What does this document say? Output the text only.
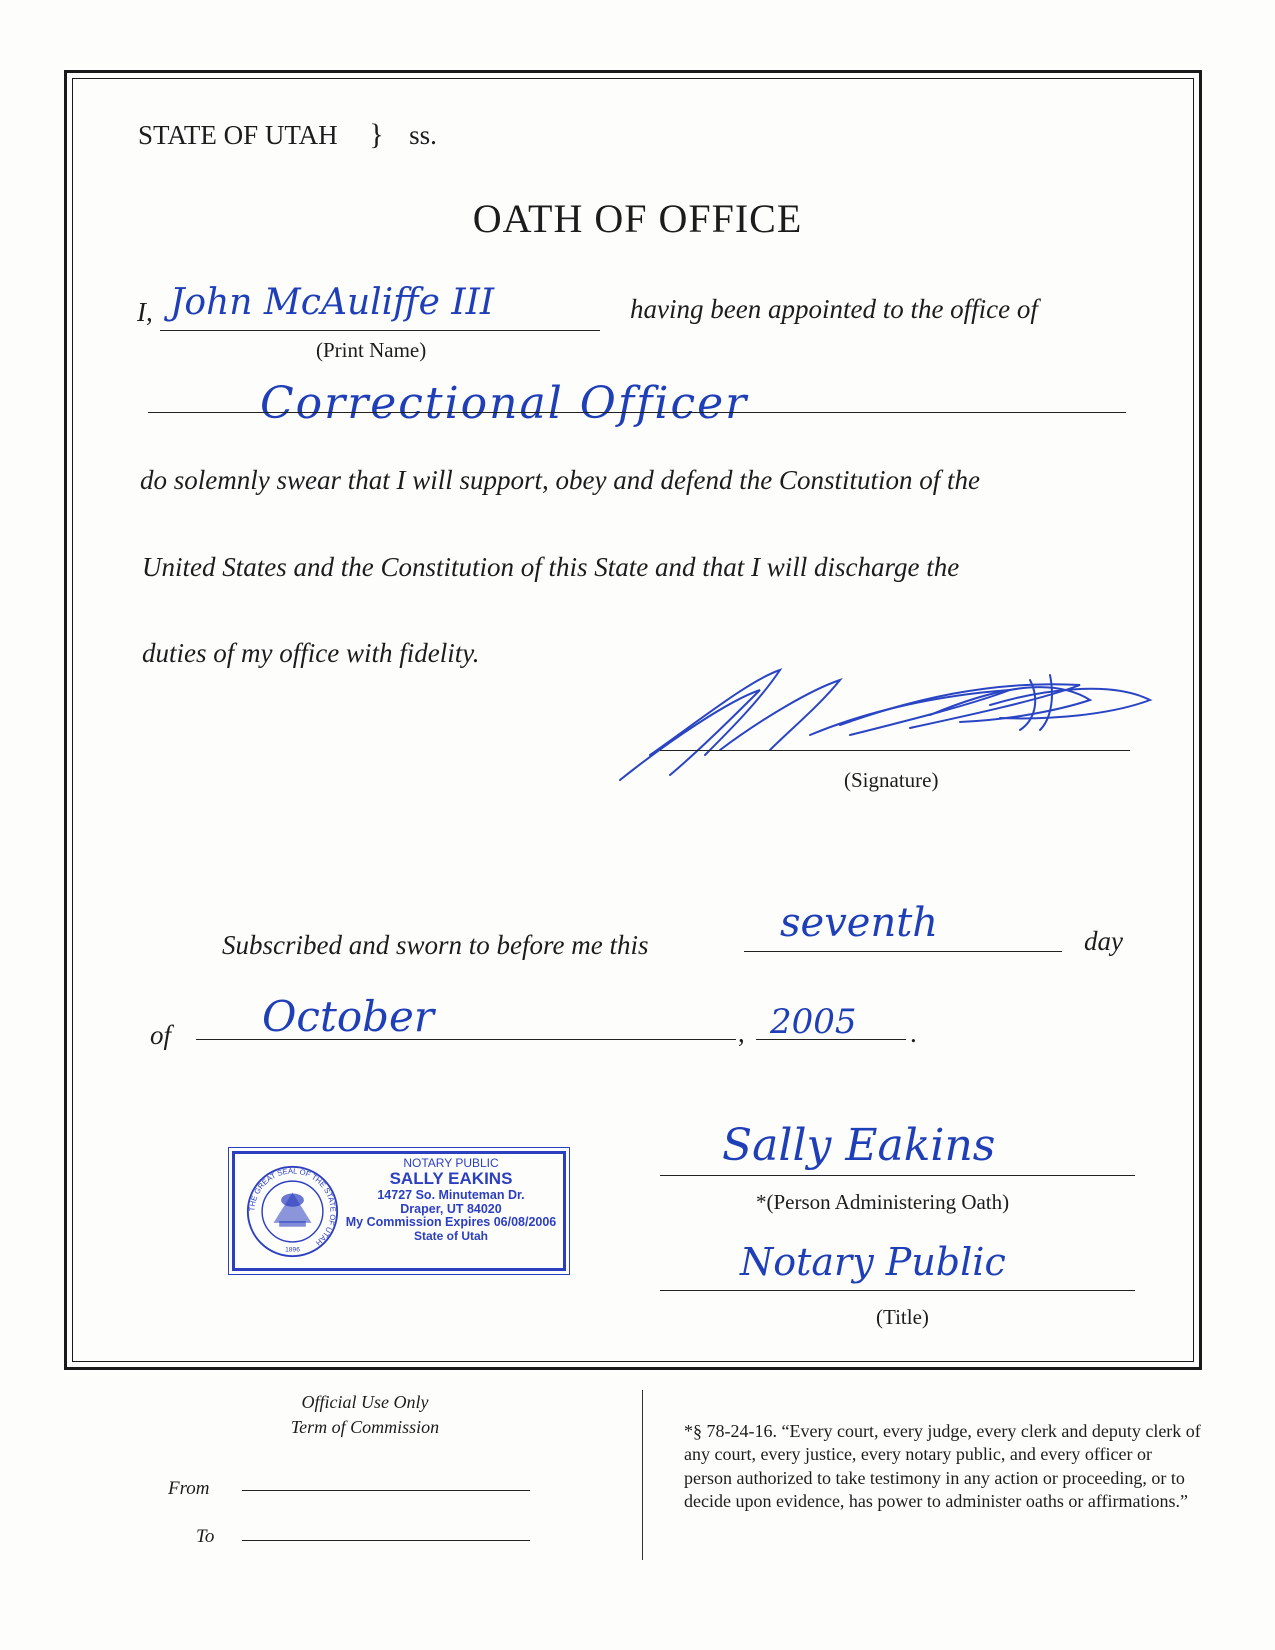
STATE OF UTAH } ss.
OATH OF OFFICE
I, John McAuliffe III
(Print Name)
having been appointed to the office of
Correctional Officer
do solemnly swear that I will support, obey and defend the Constitution of the
United States and the Constitution of this State and that I will discharge the
duties of my office with fidelity.
(Signature)
Subscribed and sworn to before me this	seventh	day
of October	, 2005 .
THE GREAT SEAL OF THE STATE OF UTAH
1896
NOTARY PUBLIC
SALLY EAKINS
14727 So. Minuteman Dr.
Draper, UT 84020
My Commission Expires 06/08/2006
State of Utah
Sally Eakins
*(Person Administering Oath)
Notary Public
(Title)
Official Use Only
Term of Commission
From
To
*§ 78-24-16. “Every court, every judge, every clerk and deputy clerk of any court, every justice, every notary public, and every officer or person authorized to take testimony in any action or proceeding, or to decide upon evidence, has power to administer oaths or affirmations.”
